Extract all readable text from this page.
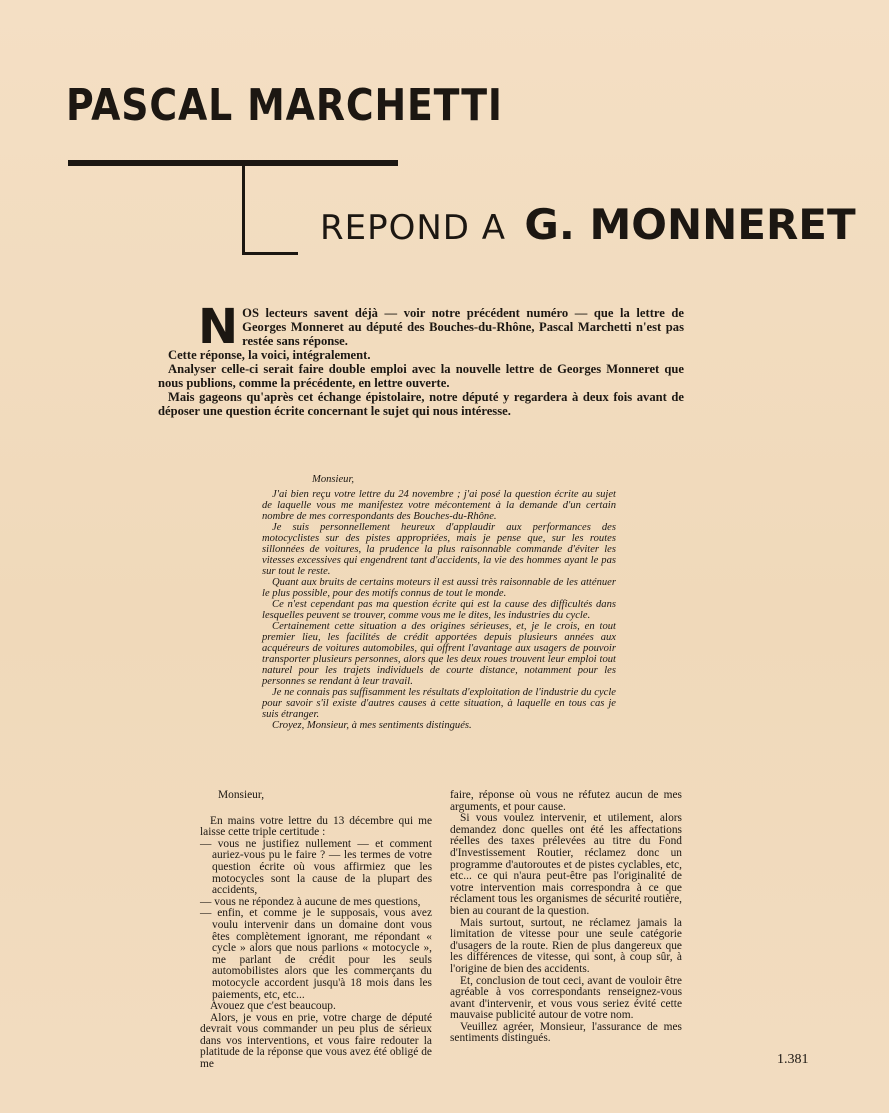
PASCAL MARCHETTI
REPOND A G. MONNERET
N OS lecteurs savent déjà — voir notre précédent numéro — que la lettre de Georges Monneret au député des Bouches-du-Rhône, Pascal Marchetti n'est pas restée sans réponse.

Cette réponse, la voici, intégralement.

Analyser celle-ci serait faire double emploi avec la nouvelle lettre de Georges Monneret que nous publions, comme la précédente, en lettre ouverte.

Mais gageons qu'après cet échange épistolaire, notre député y regardera à deux fois avant de déposer une question écrite concernant le sujet qui nous intéresse.

Monsieur,

J'ai bien reçu votre lettre du 24 novembre ; j'ai posé la question écrite au sujet de laquelle vous me manifestez votre mécontement à la demande d'un certain nombre de mes correspondants des Bouches-du-Rhône.

Je suis personnellement heureux d'applaudir aux performances des motocyclistes sur des pistes appropriées, mais je pense que, sur les routes sillonnées de voitures, la prudence la plus raisonnable commande d'éviter les vitesses excessives qui engendrent tant d'accidents, la vie des hommes ayant le pas sur tout le reste.

Quant aux bruits de certains moteurs il est aussi très raisonnable de les atténuer le plus possible, pour des motifs connus de tout le monde.

Ce n'est cependant pas ma question écrite qui est la cause des difficultés dans lesquelles peuvent se trouver, comme vous me le dites, les industries du cycle.

Certainement cette situation a des origines sérieuses, et, je le crois, en tout premier lieu, les facilités de crédit apportées depuis plusieurs années aux acquéreurs de voitures automobiles, qui offrent l'avantage aux usagers de pouvoir transporter plusieurs personnes, alors que les deux roues trouvent leur emploi tout naturel pour les trajets individuels de courte distance, notamment pour les personnes se rendant à leur travail.

Je ne connais pas suffisamment les résultats d'exploitation de l'industrie du cycle pour savoir s'il existe d'autres causes à cette situation, à laquelle en tous cas je suis étranger.

Croyez, Monsieur, à mes sentiments distingués.

Monsieur,

En mains votre lettre du 13 décembre qui me laisse cette triple certitude :

— vous ne justifiez nullement — et comment auriez-vous pu le faire ? — les termes de votre question écrite où vous affirmiez que les motocycles sont la cause de la plupart des accidents,

— vous ne répondez à aucune de mes questions,

— enfin, et comme je le supposais, vous avez voulu intervenir dans un domaine dont vous êtes complètement ignorant, me répondant « cycle » alors que nous parlions « motocycle », me parlant de crédit pour les seuls automobilistes alors que les commerçants du motocycle accordent jusqu'à 18 mois dans les paiements, etc, etc...

Avouez que c'est beaucoup.

Alors, je vous en prie, votre charge de député devrait vous commander un peu plus de sérieux dans vos interventions, et vous faire redouter la platitude de la réponse que vous avez été obligé de me

faire, réponse où vous ne réfutez aucun de mes arguments, et pour cause.

Si vous voulez intervenir, et utilement, alors demandez donc quelles ont été les affectations réelles des taxes prélevées au titre du Fond d'Investissement Routier, réclamez donc un programme d'autoroutes et de pistes cyclables, etc, etc... ce qui n'aura peut-être pas l'originalité de votre intervention mais correspondra à ce que réclament tous les organismes de sécurité routière, bien au courant de la question.

Mais surtout, surtout, ne réclamez jamais la limitation de vitesse pour une seule catégorie d'usagers de la route. Rien de plus dangereux que les différences de vitesse, qui sont, à coup sûr, à l'origine de bien des accidents.

Et, conclusion de tout ceci, avant de vouloir être agréable à vos correspondants renseignez-vous avant d'intervenir, et vous vous seriez évité cette mauvaise publicité autour de votre nom.

Veuillez agréer, Monsieur, l'assurance de mes sentiments distingués.

1.381
